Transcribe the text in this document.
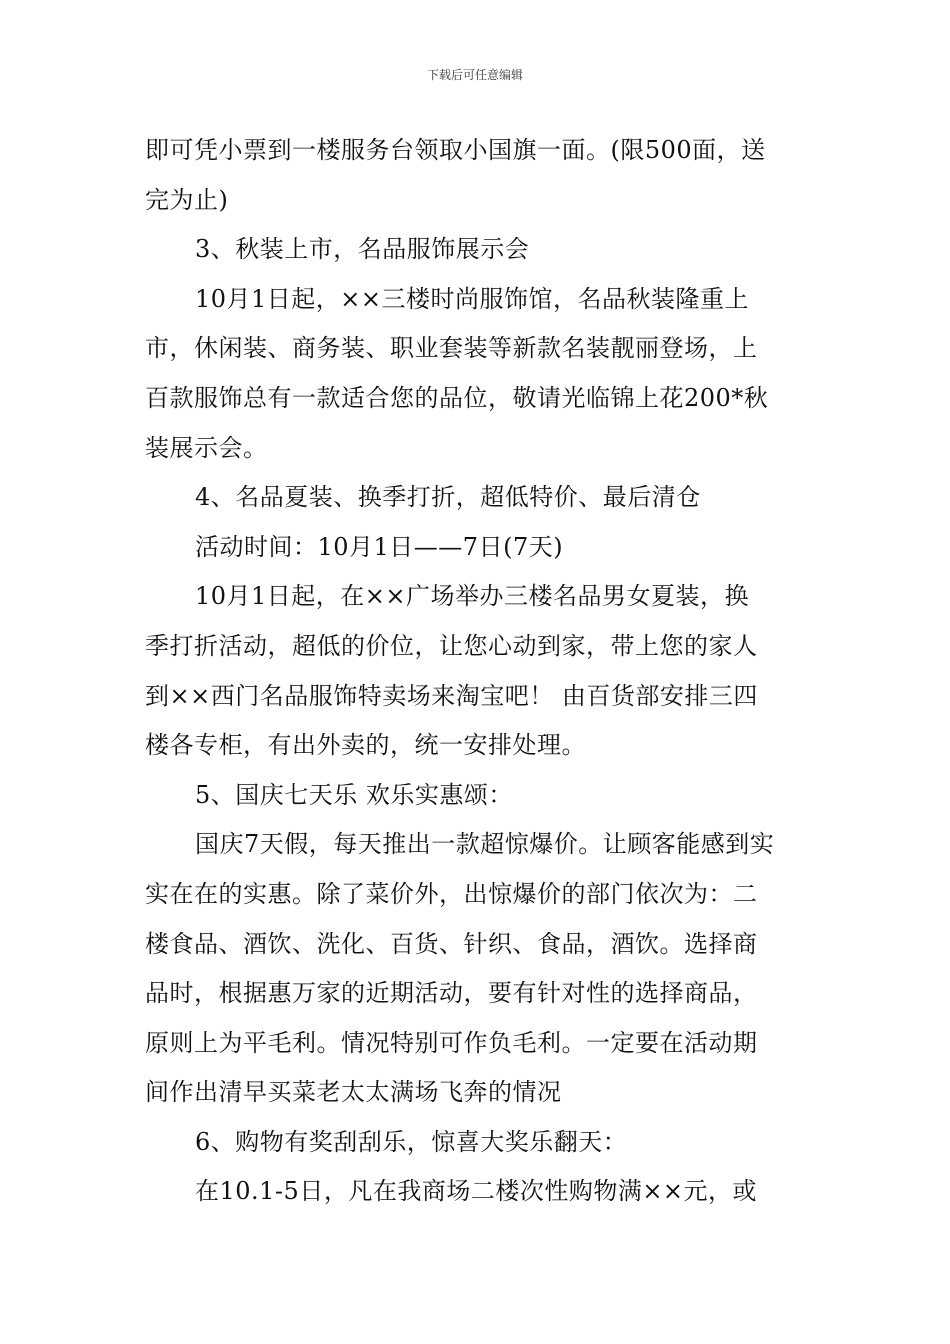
下载后可任意编辑
即可凭小票到一楼服务台领取小国旗一面。(限500面，送
完为止)
3、秋装上市，名品服饰展示会
10月1日起，××三楼时尚服饰馆，名品秋装隆重上
市，休闲装、商务装、职业套装等新款名装靓丽登场，上
百款服饰总有一款适合您的品位，敬请光临锦上花200*秋
装展示会。
4、名品夏装、换季打折，超低特价、最后清仓
活动时间：10月1日——7日(7天)
10月1日起，在××广场举办三楼名品男女夏装，换
季打折活动，超低的价位，让您心动到家，带上您的家人
到××西门名品服饰特卖场来淘宝吧！ 由百货部安排三四
楼各专柜，有出外卖的，统一安排处理。
5、国庆七天乐 欢乐实惠颂：
国庆7天假，每天推出一款超惊爆价。让顾客能感到实
实在在的实惠。除了菜价外，出惊爆价的部门依次为：二
楼食品、酒饮、洗化、百货、针织、食品，酒饮。选择商
品时，根据惠万家的近期活动，要有针对性的选择商品，
原则上为平毛利。情况特别可作负毛利。一定要在活动期
间作出清早买菜老太太满场飞奔的情况
6、购物有奖刮刮乐，惊喜大奖乐翻天：
在10.1-5日，凡在我商场二楼次性购物满××元，或
